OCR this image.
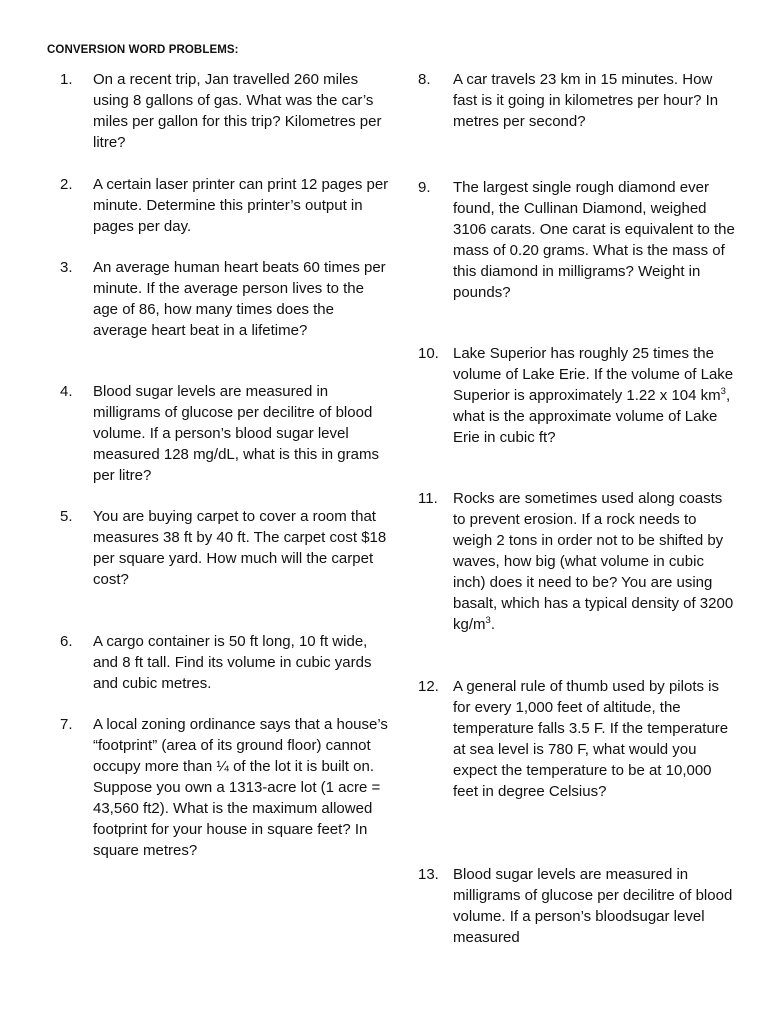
CONVERSION WORD PROBLEMS:
1. On a recent trip, Jan travelled 260 miles using 8 gallons of gas. What was the car’s miles per gallon for this trip? Kilometres per litre?
2. A certain laser printer can print 12 pages per minute. Determine this printer’s output in pages per day.
3. An average human heart beats 60 times per minute. If the average person lives to the age of 86, how many times does the average heart beat in a lifetime?
4. Blood sugar levels are measured in milligrams of glucose per decilitre of blood volume. If a person’s blood sugar level measured 128 mg/dL, what is this in grams per litre?
5. You are buying carpet to cover a room that measures 38 ft by 40 ft. The carpet cost $18 per square yard. How much will the carpet cost?
6. A cargo container is 50 ft long, 10 ft wide, and 8 ft tall. Find its volume in cubic yards and cubic metres.
7. A local zoning ordinance says that a house’s “footprint” (area of its ground floor) cannot occupy more than ¼ of the lot it is built on. Suppose you own a 1313-acre lot (1 acre = 43,560 ft2). What is the maximum allowed footprint for your house in square feet? In square metres?
8. A car travels 23 km in 15 minutes. How fast is it going in kilometres per hour? In metres per second?
9. The largest single rough diamond ever found, the Cullinan Diamond, weighed 3106 carats. One carat is equivalent to the mass of 0.20 grams. What is the mass of this diamond in milligrams? Weight in pounds?
10. Lake Superior has roughly 25 times the volume of Lake Erie. If the volume of Lake Superior is approximately 1.22 x 104 $km^3$, what is the approximate volume of Lake Erie in cubic ft?
11. Rocks are sometimes used along coasts to prevent erosion. If a rock needs to weigh 2 tons in order not to be shifted by waves, how big (what volume in cubic inch) does it need to be? You are using basalt, which has a typical density of 3200 $kg/m^3$.
12. A general rule of thumb used by pilots is for every 1,000 feet of altitude, the temperature falls 3.5 F. If the temperature at sea level is 780 F, what would you expect the temperature to be at 10,000 feet in degree Celsius?
13. Blood sugar levels are measured in milligrams of glucose per decilitre of blood volume. If a person’s bloodsugar level measured
